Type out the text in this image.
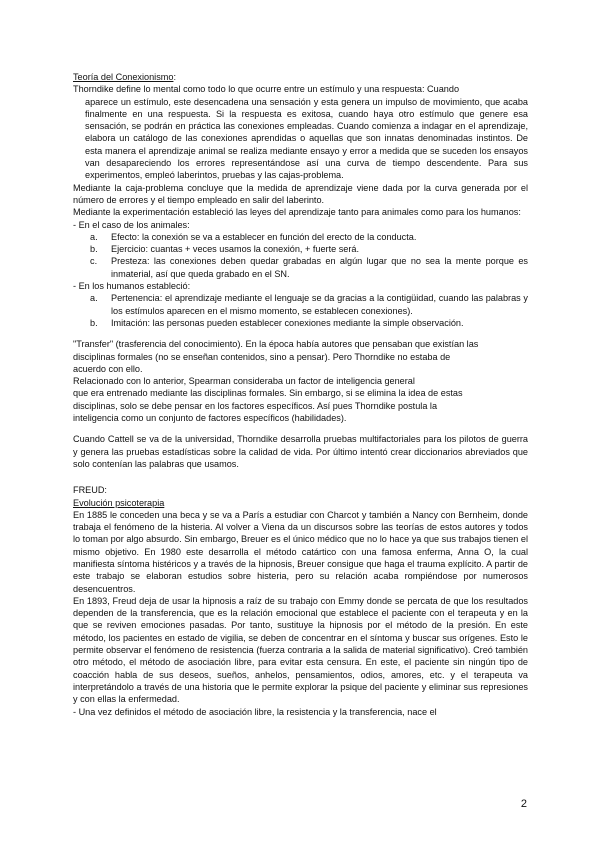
Teoría del Conexionismo:

Thorndike define lo mental como todo lo que ocurre entre un estímulo y una respuesta: Cuando

aparece un estímulo, este desencadena una sensación y esta genera un impulso de movimiento, que acaba finalmente en una respuesta. Si la respuesta es exitosa, cuando haya otro estímulo que genere esa sensación, se podrán en práctica las conexiones empleadas. Cuando comienza a indagar en el aprendizaje, elabora un catálogo de las conexiones aprendidas o aquellas que son innatas denominadas instintos. De esta manera el aprendizaje animal se realiza mediante ensayo y error a medida que se suceden los ensayos van desapareciendo los errores representándose así una curva de tiempo descendente. Para sus experimentos, empleó laberintos, pruebas y las cajas-problema.

Mediante la caja-problema concluye que la medida de aprendizaje viene dada por la curva generada por el número de errores y el tiempo empleado en salir del laberinto.

Mediante la experimentación estableció las leyes del aprendizaje tanto para animales como para los humanos:

- En el caso de los animales:

a. Efecto: la conexión se va a establecer en función del erecto de la conducta.
b. Ejercicio: cuantas + veces usamos la conexión, + fuerte será.
c. Presteza: las conexiones deben quedar grabadas en algún lugar que no sea la mente porque es inmaterial, así que queda grabado en el SN.

- En los humanos estableció:

a. Pertenencia: el aprendizaje mediante el lenguaje se da gracias a la contigüidad, cuando las palabras y los estímulos aparecen en el mismo momento, se establecen conexiones).
b. Imitación: las personas pueden establecer conexiones mediante la simple observación.

"Transfer" (trasferencia del conocimiento). En la época había autores que pensaban que existían las

disciplinas formales (no se enseñan contenidos, sino a pensar). Pero Thorndike no estaba de

acuerdo con ello.

Relacionado con lo anterior, Spearman consideraba un factor de inteligencia general

que era entrenado mediante las disciplinas formales. Sin embargo, si se elimina la idea de estas

disciplinas, solo se debe pensar en los factores específicos. Así pues Thorndike postula la

inteligencia como un conjunto de factores específicos (habilidades).

Cuando Cattell se va de la universidad, Thorndike desarrolla pruebas multifactoriales para los pilotos de guerra y genera las pruebas estadísticas sobre la calidad de vida. Por último intentó crear diccionarios abreviados que solo contenían las palabras que usamos.

FREUD:

Evolución psicoterapia

En 1885 le conceden una beca y se va a París a estudiar con Charcot y también a Nancy con Bernheim, donde trabaja el fenómeno de la histeria. Al volver a Viena da un discursos sobre las teorías de estos autores y todos lo toman por algo absurdo. Sin embargo, Breuer es el único médico que no lo hace ya que sus trabajos tienen el mismo objetivo. En 1980 este desarrolla el método catártico con una famosa enferma, Anna O, la cual manifiesta síntoma histéricos y a través de la hipnosis, Breuer consigue que haga el trauma explícito. A partir de este trabajo se elaboran estudios sobre histeria, pero su relación acaba rompiéndose por numerosos desencuentros.

En 1893, Freud deja de usar la hipnosis a raíz de su trabajo con Emmy donde se percata de que los resultados dependen de la transferencia, que es la relación emocional que establece el paciente con el terapeuta y en la que se reviven emociones pasadas. Por tanto, sustituye la hipnosis por el método de la presión. En este método, los pacientes en estado de vigilia, se deben de concentrar en el síntoma y buscar sus orígenes. Esto le permite observar el fenómeno de resistencia (fuerza contraria a la salida de material significativo). Creó también otro método, el método de asociación libre, para evitar esta censura. En este, el paciente sin ningún tipo de coacción habla de sus deseos, sueños, anhelos, pensamientos, odios, amores, etc. y el terapeuta va interpretándolo a través de una historia que le permite explorar la psique del paciente y eliminar sus represiones y con ellas la enfermedad.

- Una vez definidos el método de asociación libre, la resistencia y la transferencia, nace el

2
